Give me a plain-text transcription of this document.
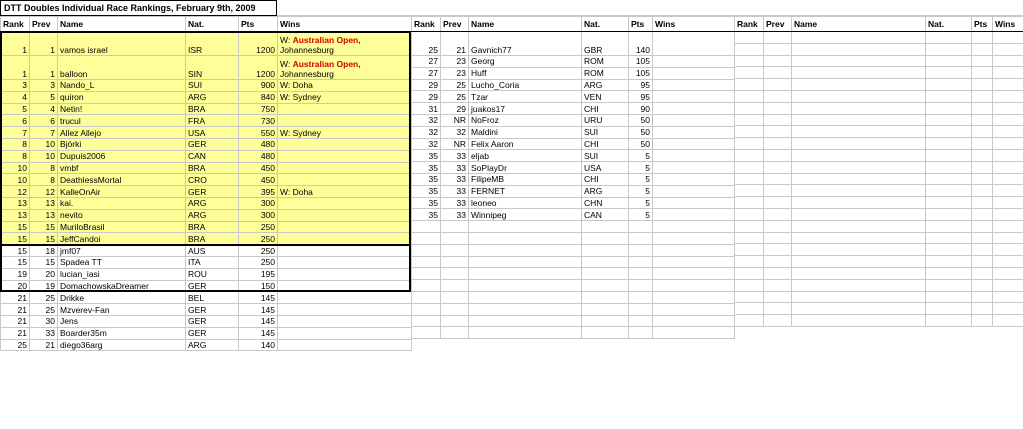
DTT Doubles Individual Race Rankings, February 9th, 2009
Rank	Prev	Name	Nat.	Pts	Wins
1	1	vamos israel	ISR	1200	W: Australian Open,
Johannesburg
1	1	balloon	SIN	1200	W: Australian Open,
Johannesburg
3	3	Nando_L	SUI	900	W: Doha
4	5	quiron	ARG	840	W: Sydney
5	4	Netin!	BRA	750	
6	6	trucul	FRA	730	
7	7	Allez Allejo	USA	550	W: Sydney
8	10	Björki	GER	480	
8	10	Dupuis2006	CAN	480	
10	8	vmbf	BRA	450	
10	8	DeathlessMortal	CRO	450	
12	12	KalleOnAir	GER	395	W: Doha
13	13	kai.	ARG	300	
13	13	nevito	ARG	300	
15	15	MuriloBrasil	BRA	250	
15	15	JeffCandoi	BRA	250	
15	18	jmf07	AUS	250	
15	15	Spadea TT	ITA	250	
19	20	lucian_iasi	ROU	195	
20	19	DomachowskaDreamer	GER	150	
21	25	Drikke	BEL	145	
21	25	Mzverev-Fan	GER	145	
21	30	Jens	GER	145	
21	33	Boarder35m	GER	145	
25	21	diego36arg	ARG	140	
Rank	Prev	Name	Nat.	Pts	Wins
25	21	Gavnich77	GBR	140	
27	23	Georg	ROM	105	
27	23	Huff	ROM	105	
29	25	Lucho_Coria	ARG	95	
29	25	Tzar	VEN	95	
31	29	juakos17	CHI	90	
32	NR	NoFroz	URU	50	
32	32	Maldini	SUI	50	
32	NR	Felix Aaron	CHI	50	
35	33	eljab	SUI	5	
35	33	SoPlayDr	USA	5	
35	33	FilipeMB	CHI	5	
35	33	FERNET	ARG	5	
35	33	leoneo	CHN	5	
35	33	Winnipeg	CAN	5	

Rank	Prev	Name	Nat.	Pts	Wins
